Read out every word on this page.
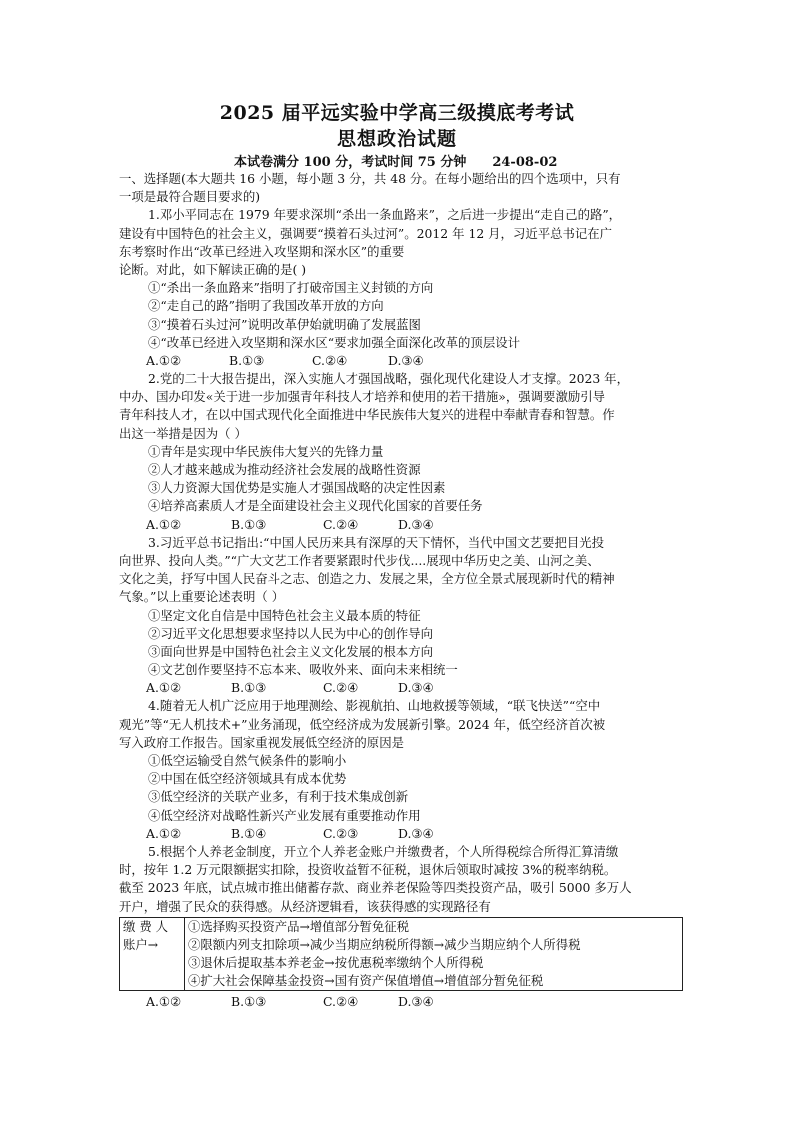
2025 届平远实验中学高三级摸底考考试
思想政治试题
本试卷满分 100 分，考试时间 75 分钟 24-08-02
一、选择题(本大题共 16 小题，每小题 3 分，共 48 分。在每小题给出的四个选项中，只有
一项是最符合题目要求的)
1.邓小平同志在 1979 年要求深圳“杀出一条血路来”，之后进一步提出“走自己的路”，
建设有中国特色的社会主义，强调要“摸着石头过河”。2012 年 12 月，习近平总书记在广
东考察时作出“改革已经进入攻坚期和深水区”的重要
论断。对此，如下解读正确的是( )
①“杀出一条血路来”指明了打破帝国主义封锁的方向
②“走自己的路”指明了我国改革开放的方向
③“摸着石头过河”说明改革伊始就明确了发展蓝图
④“改革已经进入攻坚期和深水区“要求加强全面深化改革的顶层设计
A.①②	B.①③	C.②④	D.③④
2.党的二十大报告提出，深入实施人才强国战略，强化现代化建设人才支撑。2023 年，
中办、国办印发«关于进一步加强青年科技人才培养和使用的若干措施»，强调要激励引导
青年科技人才，在以中国式现代化全面推进中华民族伟大复兴的进程中奉献青春和智慧。作
出这一举措是因为（ ）
①青年是实现中华民族伟大复兴的先锋力量
②人才越来越成为推动经济社会发展的战略性资源
③人力资源大国优势是实施人才强国战略的决定性因素
④培养高素质人才是全面建设社会主义现代化国家的首要任务
A.①②	B.①③	C.②④	D.③④
3.习近平总书记指出:“中国人民历来具有深厚的天下情怀，当代中国文艺要把目光投
向世界、投向人类。”“广大文艺工作者要紧跟时代步伐....展现中华历史之美、山河之美、
文化之美，抒写中国人民奋斗之志、创造之力、发展之果，全方位全景式展现新时代的精神
气象。”以上重要论述表明（ ）
①坚定文化自信是中国特色社会主义最本质的特征
②习近平文化思想要求坚持以人民为中心的创作导向
③面向世界是中国特色社会主义文化发展的根本方向
④文艺创作要坚持不忘本来、吸收外来、面向未来相统一
A.①②	B.①③	C.②④	D.③④
4.随着无人机广泛应用于地理测绘、影视航拍、山地救援等领域，“联飞快送”“空中
观光”等“无人机技术+”业务涌现，低空经济成为发展新引擎。2024 年，低空经济首次被
写入政府工作报告。国家重视发展低空经济的原因是
①低空运输受自然气候条件的影响小
②中国在低空经济领域具有成本优势
③低空经济的关联产业多，有利于技术集成创新
④低空经济对战略性新兴产业发展有重要推动作用
A.①②	B.①④	C.②③	D.③④
5.根据个人养老金制度，开立个人养老金账户并缴费者，个人所得税综合所得汇算清缴
时，按年 1.2 万元限额据实扣除，投资收益暂不征税，退休后领取时减按 3%的税率纳税。
截至 2023 年底，试点城市推出储蓄存款、商业养老保险等四类投资产品，吸引 5000 多万人
开户，增强了民众的获得感。从经济逻辑看，该获得感的实现路径有
缴 费 人
账户→

①选择购买投资产品→增值部分暂免征税
②限额内列支扣除项→减少当期应纳税所得额→减少当期应纳个人所得税
③退休后提取基本养老金→按优惠税率缴纳个人所得税
④扩大社会保障基金投资→国有资产保值增值→增值部分暂免征税
A.①②	B.①③	C.②④	D.③④
